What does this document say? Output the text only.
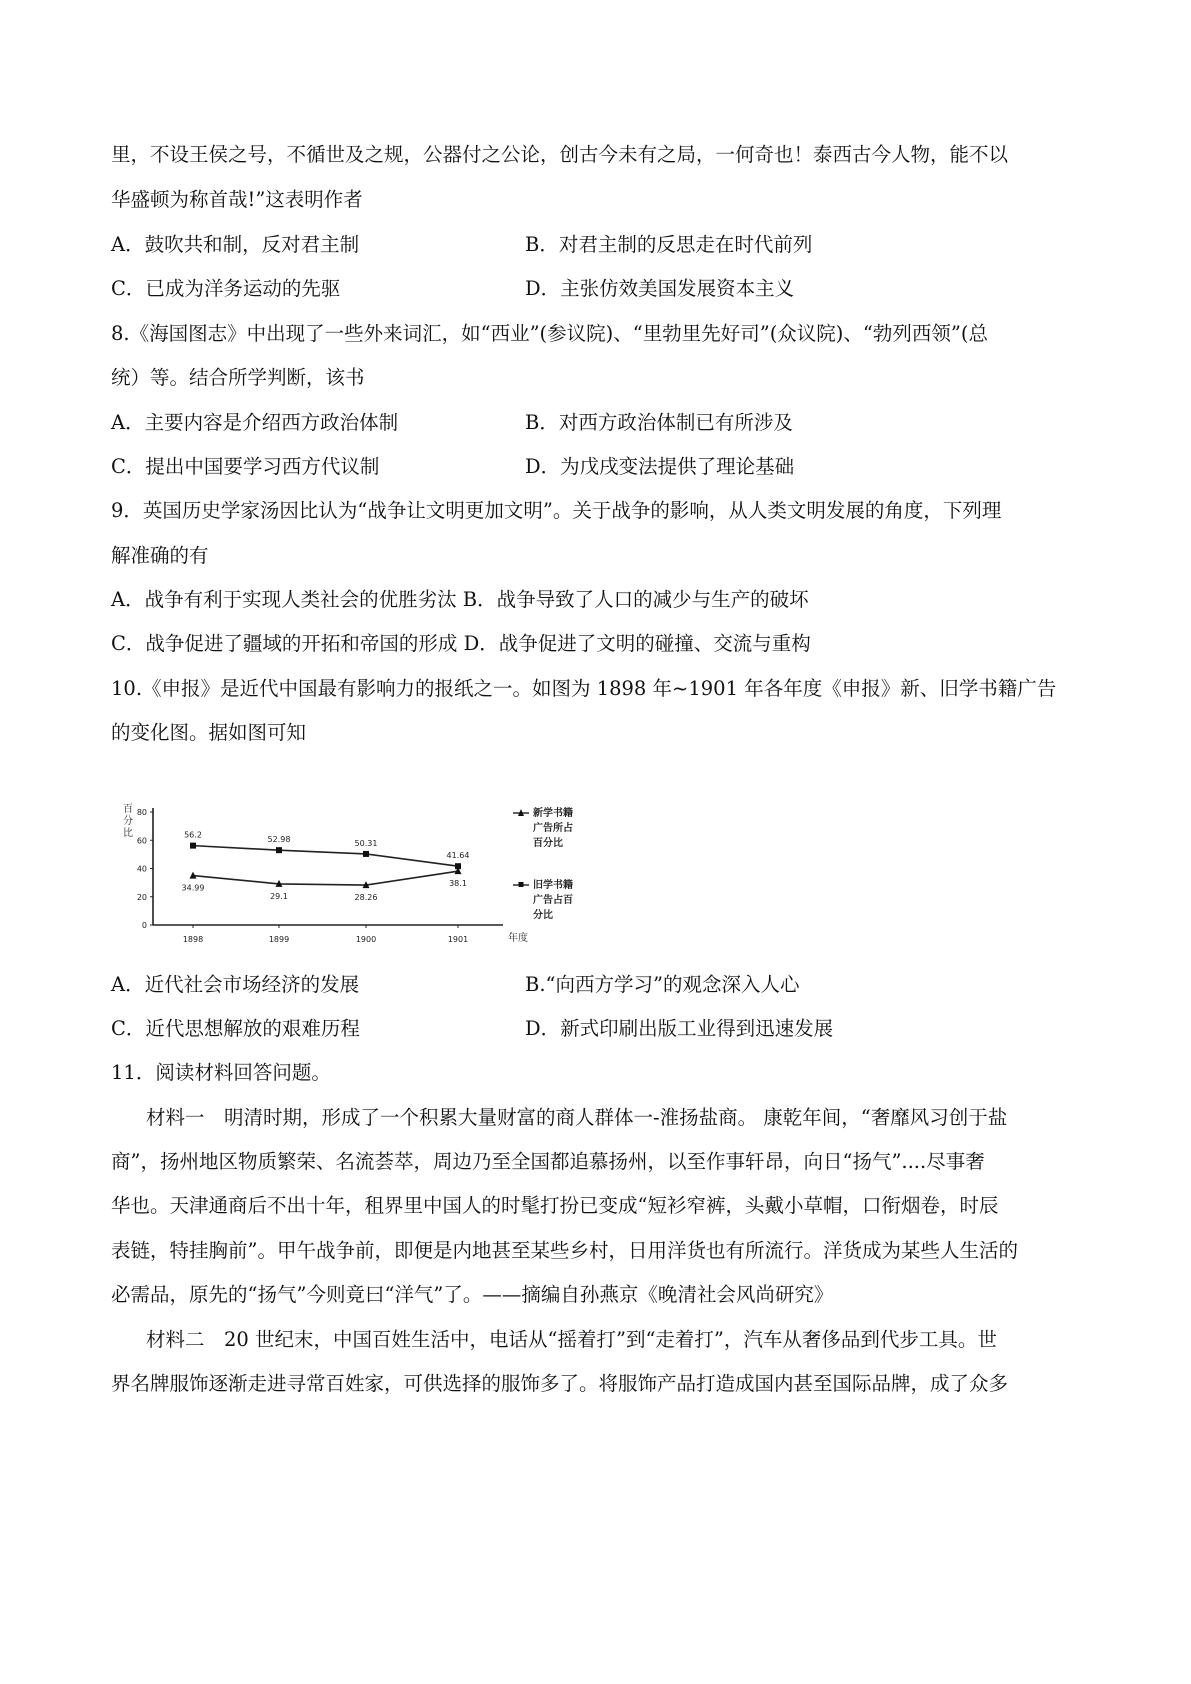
里，不设王侯之号，不循世及之规，公器付之公论，创古今未有之局，一何奇也！泰西古今人物，能不以
华盛顿为称首哉!”这表明作者
A．鼓吹共和制，反对君主制	B．对君主制的反思走在时代前列
C．已成为洋务运动的先驱	D．主张仿效美国发展资本主义
8.《海国图志》中出现了一些外来词汇，如“西业”(参议院)、“里勃里先好司”(众议院)、“勃列西领”(总
统）等。结合所学判断，该书
A．主要内容是介绍西方政治体制	B．对西方政治体制已有所涉及
C．提出中国要学习西方代议制	D．为戊戌变法提供了理论基础
9．英国历史学家汤因比认为“战争让文明更加文明”。关于战争的影响，从人类文明发展的角度，下列理
解准确的有
A．战争有利于实现人类社会的优胜劣汰 B．战争导致了人口的减少与生产的破坏
C．战争促进了疆域的开拓和帝国的形成 D．战争促进了文明的碰撞、交流与重构
10.《申报》是近代中国最有影响力的报纸之一。如图为 1898 年~1901 年各年度《申报》新、旧学书籍广告
的变化图。据如图可知
百分比
0
20
40
60
80
1898	1899	1900	1901	年度
34.99
29.1	28.26
38.1
56.2
52.98	50.31
41.64
新学书籍
广告所占
百分比
旧学书籍
广告占百
分比
A．近代社会市场经济的发展	B.“向西方学习”的观念深入人心
C．近代思想解放的艰难历程	D．新式印刷出版工业得到迅速发展
11．阅读材料回答问题。
材料一　明清时期，形成了一个积累大量财富的商人群体一-淮扬盐商。 康乾年间，“奢靡风习创于盐
商”，扬州地区物质繁荣、名流荟萃，周边乃至全国都追慕扬州，以至作事轩昂，向日“扬气”....尽事奢
华也。天津通商后不出十年，租界里中国人的时髦打扮已变成“短衫窄裤，头戴小草帽，口衔烟卷，时辰
表链，特挂胸前”。甲午战争前，即便是内地甚至某些乡村，日用洋货也有所流行。洋货成为某些人生活的
必需品，原先的“扬气”今则竟曰“洋气”了。——摘编自孙燕京《晚清社会风尚研究》
材料二　20 世纪末，中国百姓生活中，电话从“摇着打”到“走着打”，汽车从奢侈品到代步工具。世
界名牌服饰逐渐走进寻常百姓家，可供选择的服饰多了。将服饰产品打造成国内甚至国际品牌，成了众多
